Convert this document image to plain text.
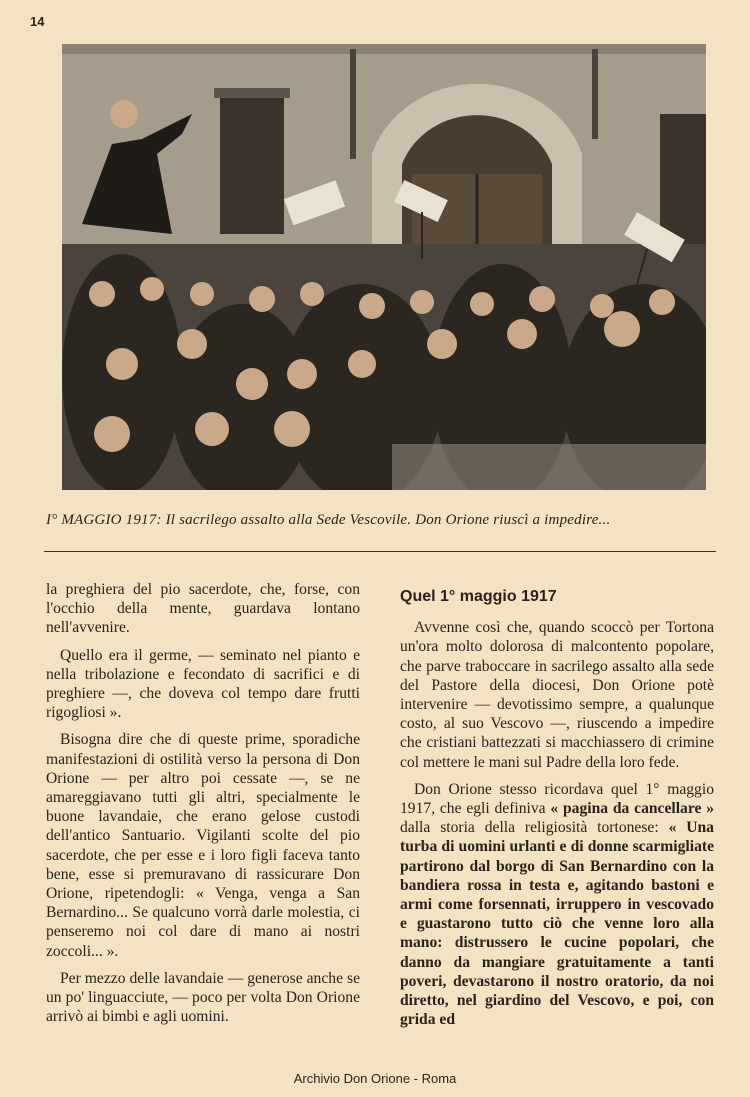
14
I° MAGGIO 1917: Il sacrilego assalto alla Sede Vescovile. Don Orione riuscì a impedire...

la preghiera del pio sacerdote, che, forse, con l'occhio della mente, guardava lontano nell'avvenire.

Quello era il germe, — seminato nel pianto e nella tribolazione e fecondato di sacrifici e di preghiere —, che doveva col tempo dare frutti rigogliosi ».

Bisogna dire che di queste prime, sporadiche manifestazioni di ostilità verso la persona di Don Orione — per altro poi cessate —, se ne amareggiavano tutti gli altri, specialmente le buone lavandaie, che erano gelose custodi dell'antico Santuario. Vigilanti scolte del pio sacerdote, che per esse e i loro figli faceva tanto bene, esse si premuravano di rassicurare Don Orione, ripetendogli: « Venga, venga a San Bernardino... Se qualcuno vorrà darle molestia, ci penseremo noi col dare di mano ai nostri zoccoli... ».

Per mezzo delle lavandaie — generose anche se un po' linguacciute, — poco per volta Don Orione arrivò ai bimbi e agli uomini.

Quel 1° maggio 1917

Avvenne così che, quando scoccò per Tortona un'ora molto dolorosa di malcontento popolare, che parve traboccare in sacrilego assalto alla sede del Pastore della diocesi, Don Orione potè intervenire — devotissimo sempre, a qualunque costo, al suo Vescovo —, riuscendo a impedire che cristiani battezzati si macchiassero di crimine col mettere le mani sul Padre della loro fede.

Don Orione stesso ricordava quel 1° maggio 1917, che egli definiva « pagina da cancellare » dalla storia della religiosità tortonese: « Una turba di uomini urlanti e di donne scarmigliate partirono dal borgo di San Bernardino con la bandiera rossa in testa e, agitando bastoni e armi come forsennati, irruppero in vescovado e guastarono tutto ciò che venne loro alla mano: distrussero le cucine popolari, che danno da mangiare gratuitamente a tanti poveri, devastarono il nostro oratorio, da noi diretto, nel giardino del Vescovo, e poi, con grida ed

Archivio Don Orione - Roma
